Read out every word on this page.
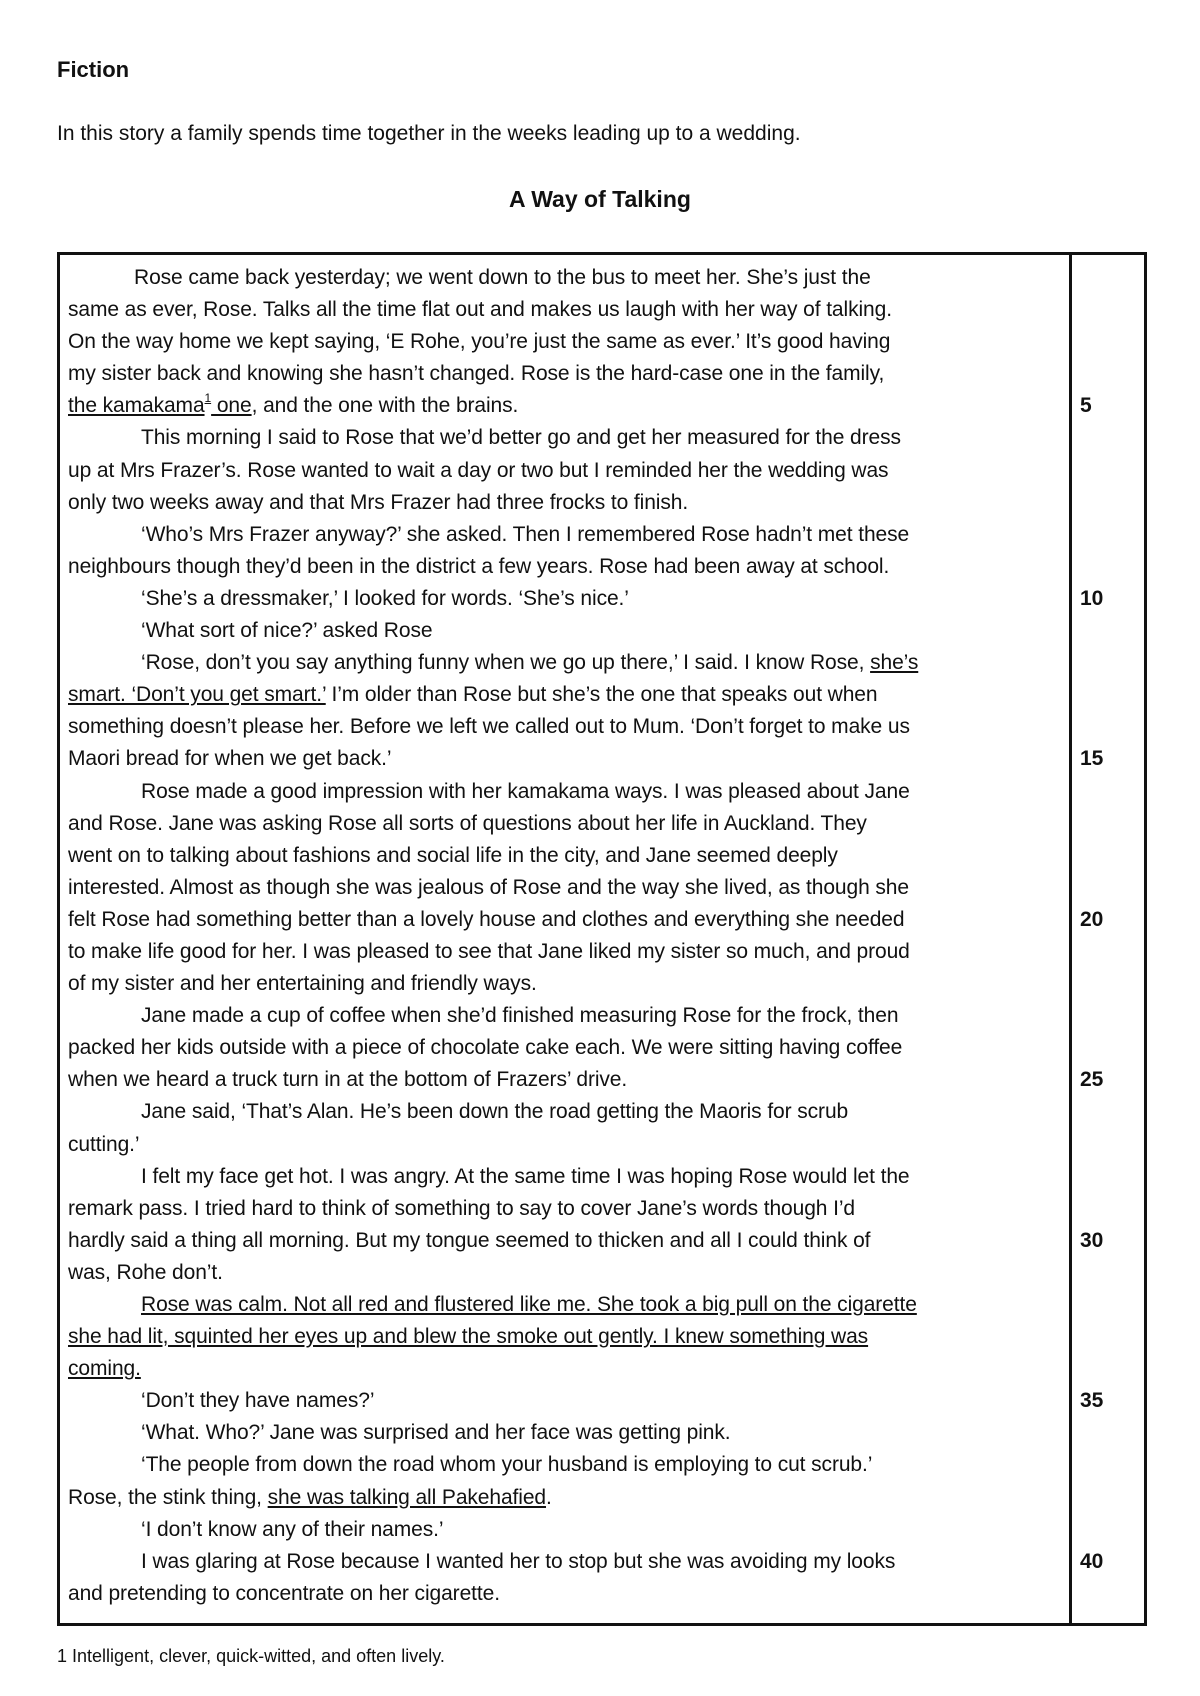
Fiction
In this story a family spends time together in the weeks leading up to a wedding.
A Way of Talking
Rose came back yesterday; we went down to the bus to meet her. She’s just the
same as ever, Rose. Talks all the time flat out and makes us laugh with her way of talking.
On the way home we kept saying, ‘E Rohe, you’re just the same as ever.’ It’s good having
my sister back and knowing she hasn’t changed. Rose is the hard-case one in the family,
the kamakama$^1$ one, and the one with the brains.
This morning I said to Rose that we’d better go and get her measured for the dress
up at Mrs Frazer’s. Rose wanted to wait a day or two but I reminded her the wedding was
only two weeks away and that Mrs Frazer had three frocks to finish.
‘Who’s Mrs Frazer anyway?’ she asked. Then I remembered Rose hadn’t met these
neighbours though they’d been in the district a few years. Rose had been away at school.
‘She’s a dressmaker,’ I looked for words. ‘She’s nice.’
‘What sort of nice?’ asked Rose
‘Rose, don’t you say anything funny when we go up there,’ I said. I know Rose, she’s
smart. ‘Don’t you get smart.’ I’m older than Rose but she’s the one that speaks out when
something doesn’t please her. Before we left we called out to Mum. ‘Don’t forget to make us
Maori bread for when we get back.’
Rose made a good impression with her kamakama ways. I was pleased about Jane
and Rose. Jane was asking Rose all sorts of questions about her life in Auckland. They
went on to talking about fashions and social life in the city, and Jane seemed deeply
interested. Almost as though she was jealous of Rose and the way she lived, as though she
felt Rose had something better than a lovely house and clothes and everything she needed
to make life good for her. I was pleased to see that Jane liked my sister so much, and proud
of my sister and her entertaining and friendly ways.
Jane made a cup of coffee when she’d finished measuring Rose for the frock, then
packed her kids outside with a piece of chocolate cake each. We were sitting having coffee
when we heard a truck turn in at the bottom of Frazers’ drive.
Jane said, ‘That’s Alan. He’s been down the road getting the Maoris for scrub
cutting.’
I felt my face get hot. I was angry. At the same time I was hoping Rose would let the
remark pass. I tried hard to think of something to say to cover Jane’s words though I’d
hardly said a thing all morning. But my tongue seemed to thicken and all I could think of
was, Rohe don’t.
Rose was calm. Not all red and flustered like me. She took a big pull on the cigarette
she had lit, squinted her eyes up and blew the smoke out gently. I knew something was
coming.
‘Don’t they have names?’
‘What. Who?’ Jane was surprised and her face was getting pink.
‘The people from down the road whom your husband is employing to cut scrub.’
Rose, the stink thing, she was talking all Pakehafied.
‘I don’t know any of their names.’
I was glaring at Rose because I wanted her to stop but she was avoiding my looks
and pretending to concentrate on her cigarette.
5
10
15
20
25
30
35
40
1 Intelligent, clever, quick-witted, and often lively.
